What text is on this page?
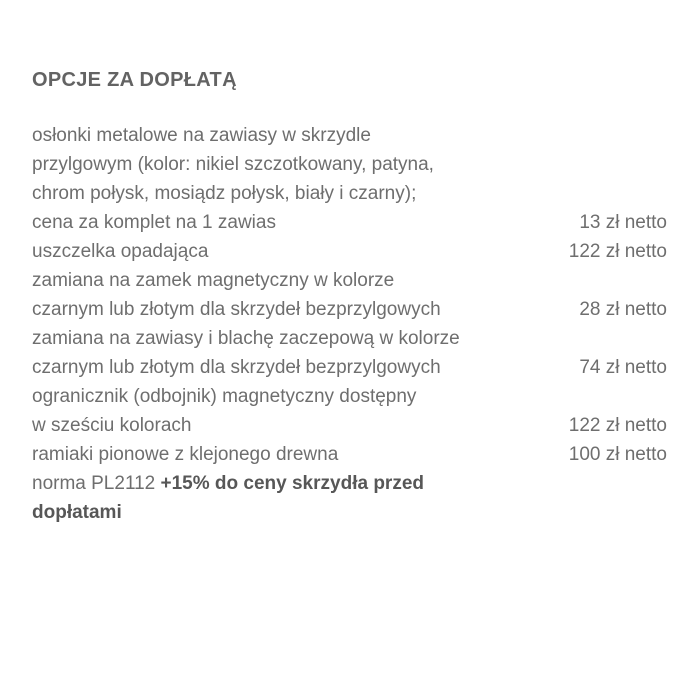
OPCJE ZA DOPŁATĄ
osłonki metalowe na zawiasy w skrzydle
przylgowym (kolor: nikiel szczotkowany, patyna,
chrom połysk, mosiądz połysk, biały i czarny);
cena za komplet na 1 zawias	13 zł netto
uszczelka opadająca	122 zł netto
zamiana na zamek magnetyczny w kolorze
czarnym lub złotym dla skrzydeł bezprzylgowych	28 zł netto
zamiana na zawiasy i blachę zaczepową w kolorze
czarnym lub złotym dla skrzydeł bezprzylgowych	74 zł netto
ogranicznik (odbojnik) magnetyczny dostępny
w sześciu kolorach	122 zł netto
ramiaki pionowe z klejonego drewna	100 zł netto
norma PL2112 +15% do ceny skrzydła przed
dopłatami
